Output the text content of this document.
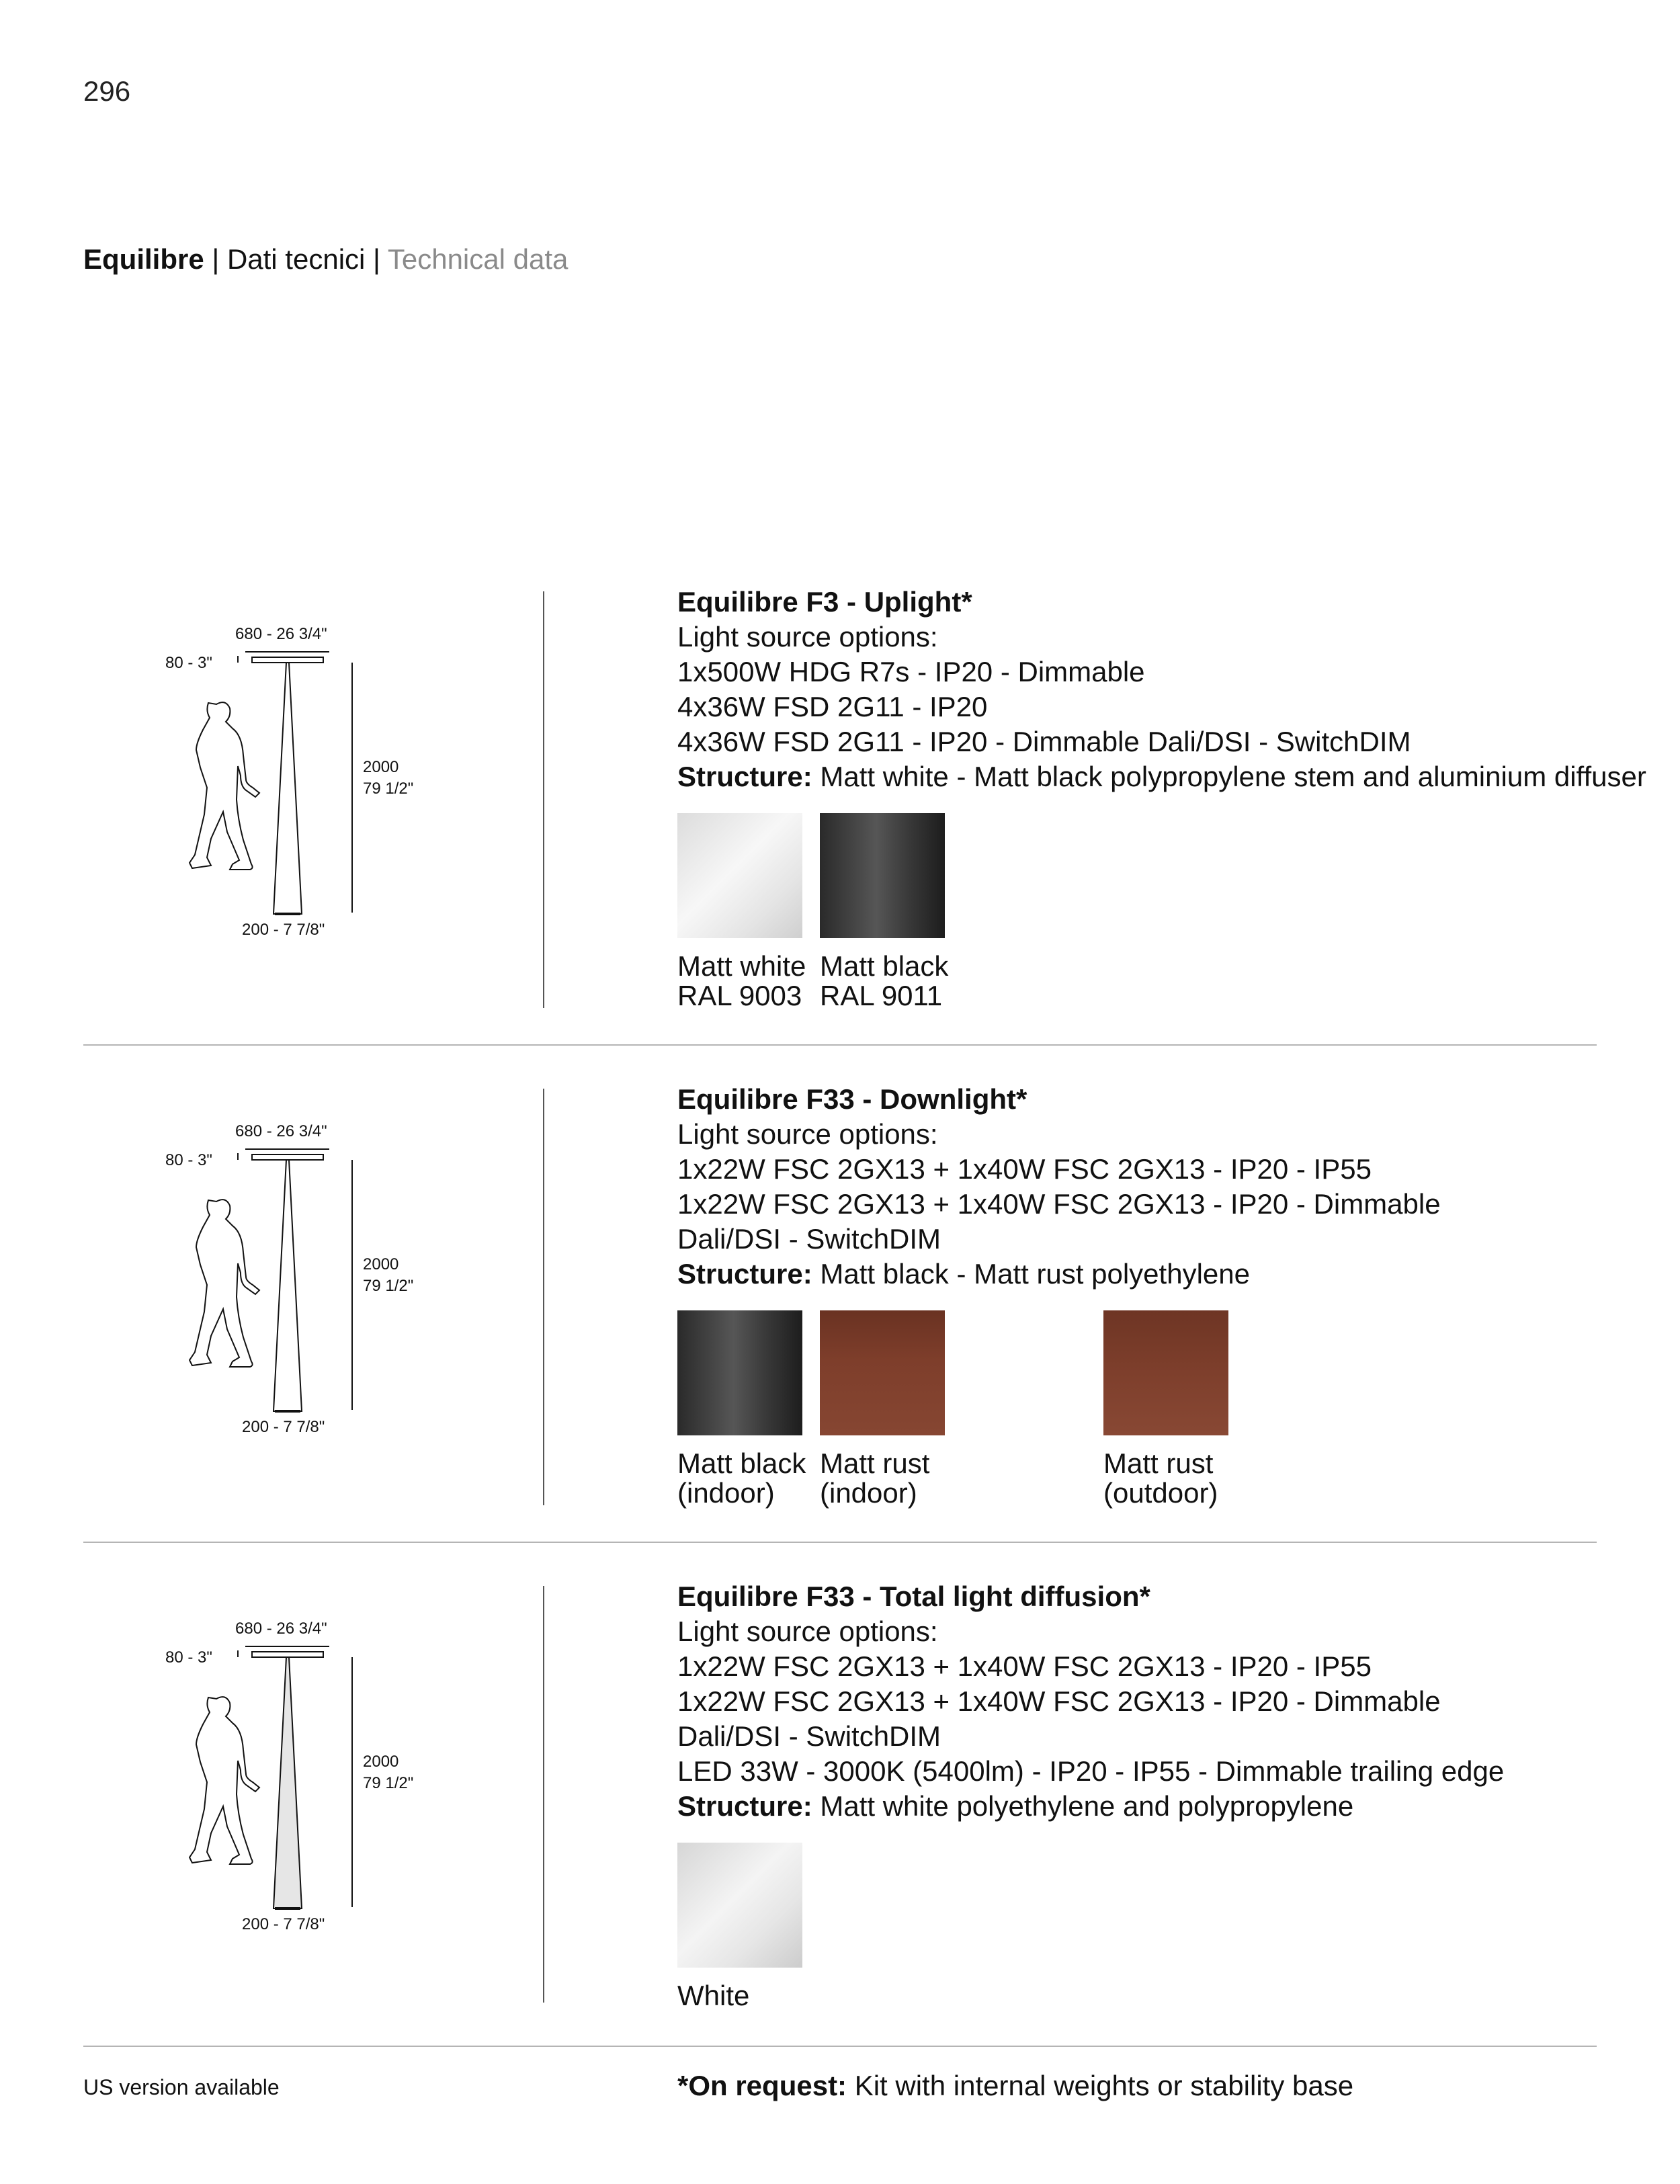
296
Equilibre | Dati tecnici | Technical data
680 - 26 3/4"
80 - 3"
2000
79 1/2"
200 - 7 7/8"
Equilibre F3 - Uplight*
Light source options:
1x500W HDG R7s - IP20 - Dimmable
4x36W FSD 2G11 - IP20
4x36W FSD 2G11 - IP20 - Dimmable Dali/DSI - SwitchDIM
Structure: Matt white - Matt black polypropylene stem and aluminium diffuser
Matt white
RAL 9003
Matt black
RAL 9011
680 - 26 3/4"
80 - 3"
2000
79 1/2"
200 - 7 7/8"
Equilibre F33 - Downlight*
Light source options:
1x22W FSC 2GX13 + 1x40W FSC 2GX13 - IP20 - IP55
1x22W FSC 2GX13 + 1x40W FSC 2GX13 - IP20 - Dimmable
Dali/DSI - SwitchDIM
Structure: Matt black - Matt rust polyethylene
Matt black
(indoor)
Matt rust
(indoor)
Matt rust
(outdoor)
680 - 26 3/4"
80 - 3"
2000
79 1/2"
200 - 7 7/8"
Equilibre F33 - Total light diffusion*
Light source options:
1x22W FSC 2GX13 + 1x40W FSC 2GX13 - IP20 - IP55
1x22W FSC 2GX13 + 1x40W FSC 2GX13 - IP20 - Dimmable
Dali/DSI - SwitchDIM
LED 33W - 3000K (5400lm) - IP20 - IP55 - Dimmable trailing edge
Structure: Matt white polyethylene and polypropylene
White
US version available	*On request: Kit with internal weights or stability base
